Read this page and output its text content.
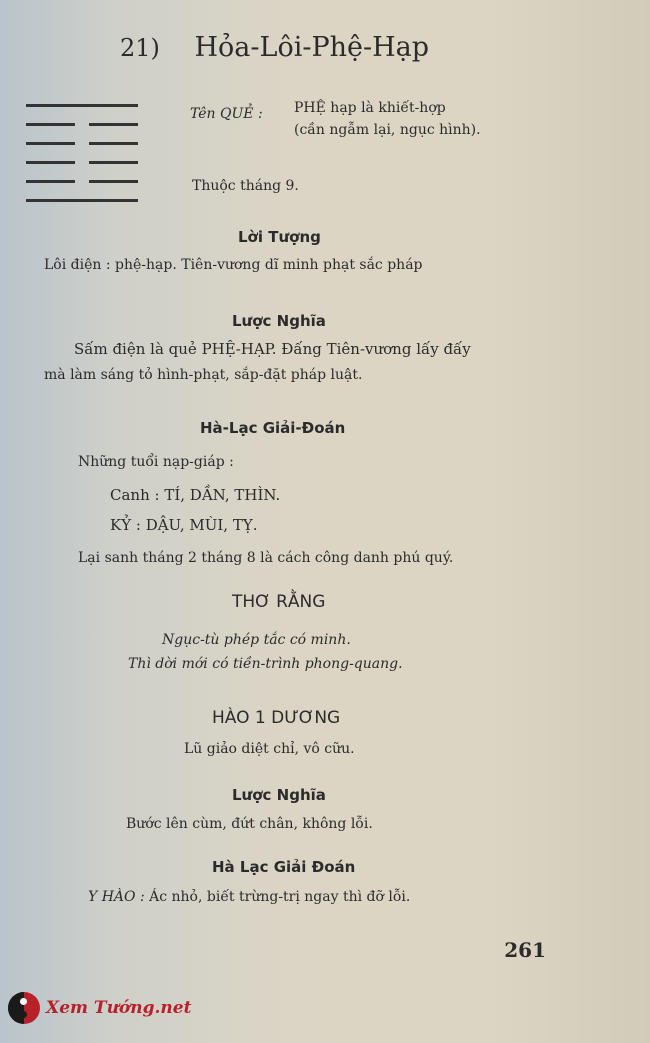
21) Hỏa-Lôi-Phệ-Hạp
Tên QUẺ : PHỆ hạp là khiết-hợp
(cần ngẫm lại, ngục hình).
Thuộc tháng 9.
Lời Tượng
Lôi điện : phệ-hạp. Tiên-vương dĩ minh phạt sắc pháp
Lược Nghĩa
Sấm điện là quẻ PHỆ-HẠP. Đấng Tiên-vương lấy đấy
mà làm sáng tỏ hình-phạt, sắp-đặt pháp luật.
Hà-Lạc Giải-Đoán
Những tuổi nạp-giáp :
Canh : TÍ, DẦN, THÌN.
KỶ : DẬU, MÙI, TỴ.
Lại sanh tháng 2 tháng 8 là cách công danh phú quý.
THƠ RẰNG
Ngục-tù phép tắc có minh.
Thì dời mới có tiền-trình phong-quang.
HÀO 1 DƯƠNG
Lũ giảo diệt chỉ, vô cữu.
Lược Nghĩa
Bước lên cùm, đứt chân, không lỗi.
Hà Lạc Giải Đoán
Y HÀO : Ác nhỏ, biết trừng-trị ngay thì đỡ lỗi.
261
Xem Tướng.net
